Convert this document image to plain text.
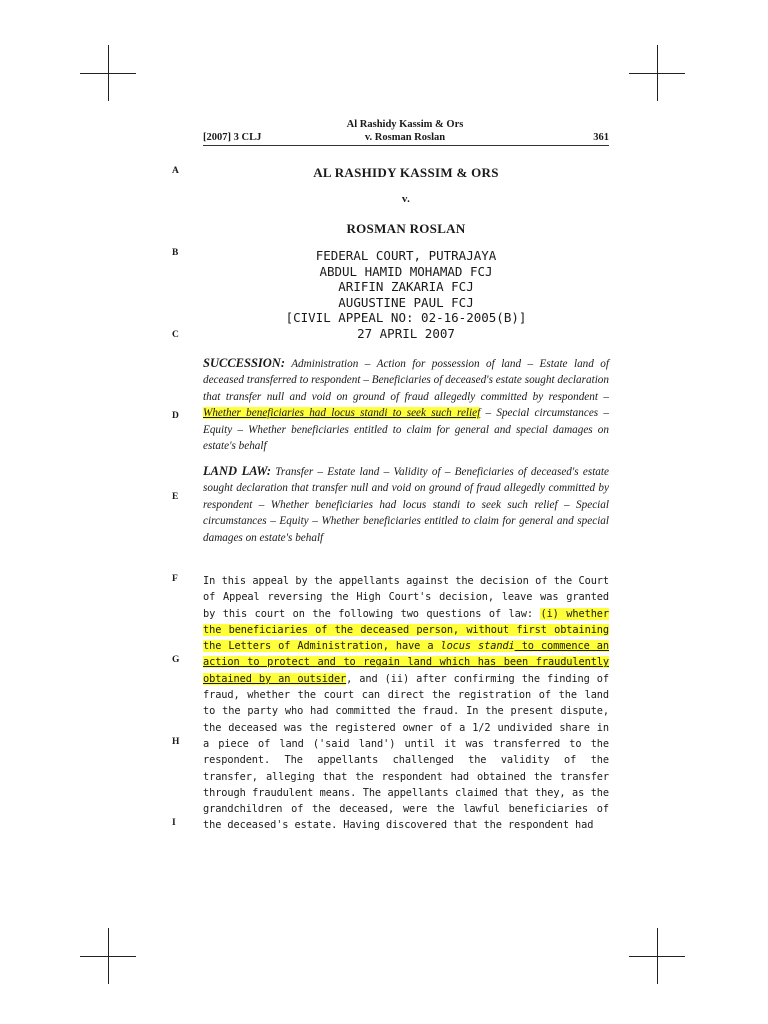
Al Rashidy Kassim & Ors
v. Rosman Roslan
[2007] 3 CLJ	361
A
B
C
D
E
F
G
H
I
AL RASHIDY KASSIM & ORS
v.
ROSMAN ROSLAN
FEDERAL COURT, PUTRAJAYA
ABDUL HAMID MOHAMAD FCJ
ARIFIN ZAKARIA FCJ
AUGUSTINE PAUL FCJ
[CIVIL APPEAL NO: 02-16-2005(B)]
27 APRIL 2007
SUCCESSION: Administration – Action for possession of land – Estate land of deceased transferred to respondent – Beneficiaries of deceased's estate sought declaration that transfer null and void on ground of fraud allegedly committed by respondent – Whether beneficiaries had locus standi to seek such relief – Special circumstances – Equity – Whether beneficiaries entitled to claim for general and special damages on estate's behalf
LAND LAW: Transfer – Estate land – Validity of – Beneficiaries of deceased's estate sought declaration that transfer null and void on ground of fraud allegedly committed by respondent – Whether beneficiaries had locus standi to seek such relief – Special circumstances – Equity – Whether beneficiaries entitled to claim for general and special damages on estate's behalf
In this appeal by the appellants against the decision of the Court of Appeal reversing the High Court's decision, leave was granted by this court on the following two questions of law: (i) whether the beneficiaries of the deceased person, without first obtaining the Letters of Administration, have a locus standi to commence an action to protect and to regain land which has been fraudulently obtained by an outsider, and (ii) after confirming the finding of fraud, whether the court can direct the registration of the land to the party who had committed the fraud. In the present dispute, the deceased was the registered owner of a 1/2 undivided share in a piece of land ('said land') until it was transferred to the respondent. The appellants challenged the validity of the transfer, alleging that the respondent had obtained the transfer through fraudulent means. The appellants claimed that they, as the grandchildren of the deceased, were the lawful beneficiaries of the deceased's estate. Having discovered that the respondent had
